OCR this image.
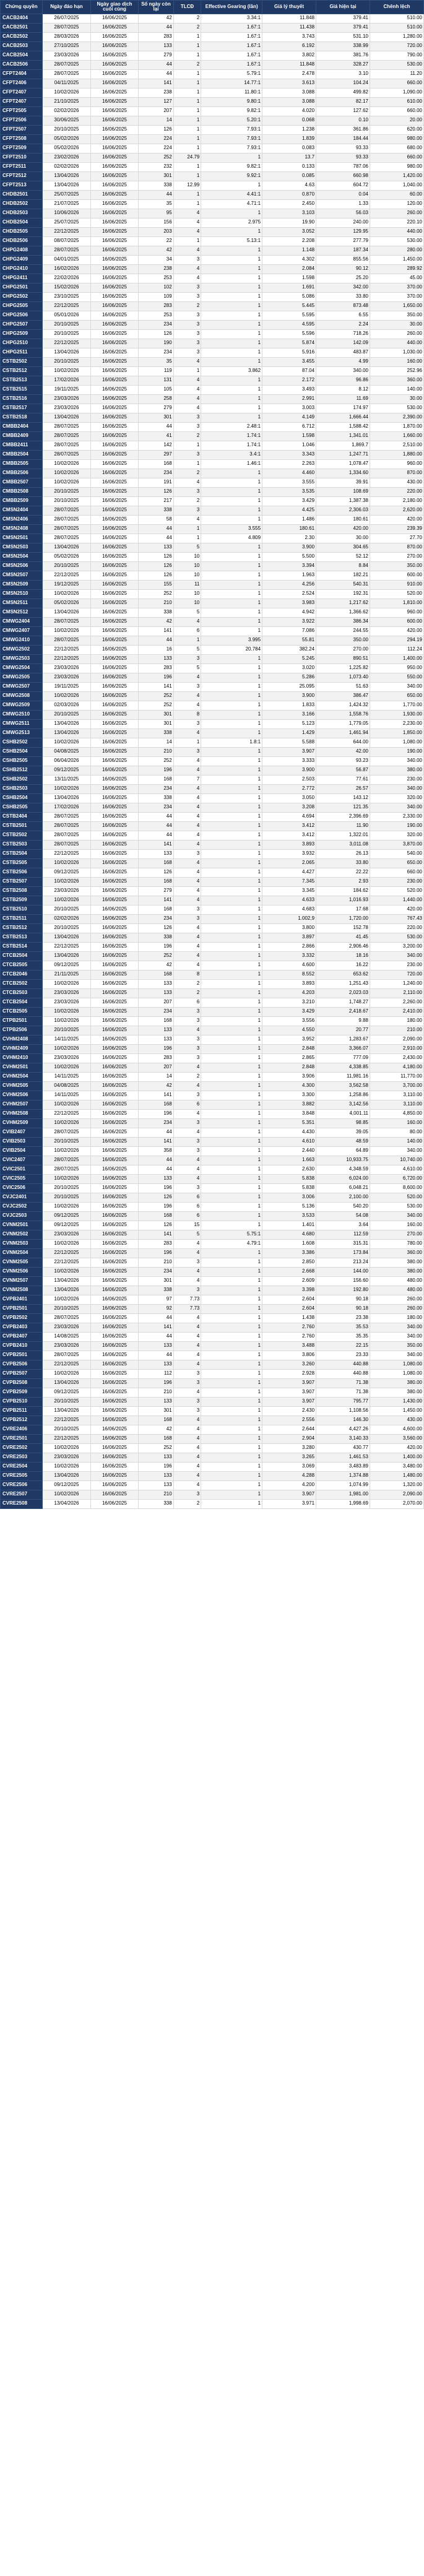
Chứng quyền	Ngày đáo hạn	Ngày giao dịch cuối cùng	Số ngày còn lại	TLCĐ	Effective Gearing (lần)	Giá lý thuyết	Giá hiện tại	Chênh lệch
CACB2404	26/07/2025	16/06/2025	42	2	3.34:1	11.848	379.41	510.00
CACB2501	28/07/2025	16/06/2025	44	2	1.67:1	11.438	379.41	510.00
CACB2502	28/03/2026	16/06/2025	283	1	1.67:1	3.743	531.10	1,280.00
CACB2503	27/10/2025	16/06/2025	133	1	1.67:1	6.192	338.99	720.00
CACB2504	23/03/2026	16/06/2025	279	1	1.67:1	3.802	381.76	790.00
CACB2506	28/07/2025	16/06/2025	44	2	1.67:1	11.848	328.27	530.00
CFPT2404	28/07/2025	16/06/2025	44	1	5.79:1	2.478	3.10	11.20
CFPT2406	04/11/2025	16/06/2025	141	1	14.77:1	3.613	104.24	660.00
CFPT2407	10/02/2026	16/06/2025	238	1	11.80:1	3.088	499.82	1,090.00
CFPT2407	21/10/2025	16/06/2025	127	1	9.80:1	3.088	82.17	610.00
CFPT2505	02/02/2026	16/06/2025	207	1	9.82:1	4.020	127.62	660.00
CFPT2506	30/06/2025	16/06/2025	14	1	5.20:1	0.068	0.10	20.00
CFPT2507	20/10/2025	16/06/2025	126	1	7.93:1	1.238	361.86	620.00
CFPT2508	05/02/2026	16/06/2025	224	1	7.93:1	1.839	184.44	980.00
CFPT2509	05/02/2026	16/06/2025	224	1	7.93:1	0.083	93.33	680.00
CFPT2510	23/02/2026	16/06/2025	252	24.79	1	13.7	93.33	660.00
CFPT2511	02/02/2026	16/06/2025	232	1	9.82:1	0.133	787.06	980.00
CFPT2512	13/04/2026	16/06/2025	301	1	9.92:1	0.085	660.98	1,420.00
CFPT2513	13/04/2026	16/06/2025	338	12.99	1	4.63	604.72	1,040.00
CHDB2501	25/07/2025	16/06/2025	44	1	4.41:1	0.870	0.04	60.00
CHDB2502	21/07/2025	16/06/2025	35	1	4.71:1	2.450	1.33	120.00
CHDB2503	10/06/2026	16/06/2025	95	4	1	3.103	56.03	260.00
CHDB2504	25/07/2025	16/06/2025	156	4	2.975	19.90	240.00	220.10
CHDB2505	22/12/2025	16/06/2025	203	4	1	3.052	129.95	440.00
CHDB2506	08/07/2025	16/06/2025	22	1	5.13:1	2.208	277.79	530.00
CHPG2408	28/07/2025	16/06/2025	42	4	1	1.148	187.34	280.00
CHPG2409	04/01/2025	16/06/2025	34	3	1	4.302	855.56	1,450.00
CHPG2410	16/02/2026	16/06/2025	238	4	1	2.084	90.12	289.92
CHPG2411	22/02/2026	16/06/2025	253	4	1	1.598	25.20	45.00
CHPG2501	15/02/2026	16/06/2025	102	3	1	1.691	342.00	370.00
CHPG2502	23/10/2025	16/06/2025	109	3	1	5.086	33.80	370.00
CHPG2505	22/12/2025	16/06/2025	283	2	1	5.445	873.48	1,650.00
CHPG2506	05/01/2026	16/06/2025	253	3	1	5.595	6.55	350.00
CHPG2507	20/10/2025	16/06/2025	234	3	1	4.595	2.24	30.00
CHPG2509	20/10/2025	16/06/2025	126	3	1	5.596	718.26	260.00
CHPG2510	22/12/2025	16/06/2025	190	3	1	5.874	142.09	440.00
CHPG2511	13/04/2026	16/06/2025	234	3	1	5.916	483.87	1,030.00
CSTB2502	20/10/2025	16/06/2025	35	4	1	3.455	4.99	160.00
CSTB2512	10/02/2026	16/06/2025	119	1	3.862	87.04	340.00	252.96
CSTB2513	17/02/2026	16/06/2025	131	4	1	2.172	96.86	360.00
CSTB2515	19/11/2025	16/06/2025	105	4	1	3.493	8.12	140.00
CSTB2516	23/03/2026	16/06/2025	258	4	1	2.991	11.69	30.00
CSTB2517	23/03/2026	16/06/2025	279	4	1	3.003	174.97	530.00
CSTB2518	13/04/2026	16/06/2025	301	3	1	4.149	1,666.44	2,390.00
CMBB2404	28/07/2025	16/06/2025	44	3	2.48:1	6.712	1,588.42	1,870.00
CMBB2409	28/07/2025	16/06/2025	41	2	1.74:1	1.598	1,341.01	1,660.00
CMBB2411	28/07/2025	16/06/2025	142	1	1.74:1	1.046	1,869.7	2,510.00
CMBB2504	28/07/2025	16/06/2025	297	3	3.4:1	3.343	1,247.71	1,880.00
CMBB2505	10/02/2026	16/06/2025	168	1	1.46:1	2.263	1,078.47	960.00
CMBB2506	10/02/2026	16/06/2025	234	2	1	4.460	1,334.60	870.00
CMBB2507	10/02/2026	16/06/2025	191	4	1	3.555	39.91	430.00
CMBB2508	20/10/2025	16/06/2025	126	3	1	3.535	108.69	220.00
CMBB2509	20/10/2025	16/06/2025	217	2	1	3.429	1,387.38	2,180.00
CMSN2404	28/07/2025	16/06/2025	338	3	1	4.425	2,306.03	2,620.00
CMSN2406	28/07/2025	16/06/2025	58	4	1	1.486	180.61	420.00
CMSN2408	28/07/2025	16/06/2025	44	1	3.555	180.61	420.00	239.39
CMSN2501	28/07/2025	16/06/2025	44	1	4.809	2.30	30.00	27.70
CMSN2503	13/04/2026	16/06/2025	133	5	1	3.900	304.65	870.00
CMSN2504	05/02/2026	16/06/2025	126	10	1	5.500	52.12	270.00
CMSN2506	20/10/2025	16/06/2025	126	10	1	3.394	8.84	350.00
CMSN2507	22/12/2025	16/06/2025	126	10	1	1.963	182.21	600.00
CMSN2509	19/12/2025	16/06/2025	155	11	1	4.256	540.31	910.00
CMSN2510	10/02/2026	16/06/2025	252	10	1	2.524	192.31	520.00
CMSN2511	05/02/2026	16/06/2025	210	10	1	3.983	1,217.62	1,810.00
CMSN2512	13/04/2026	16/06/2025	338	5	1	4.942	1,366.62	960.00
CMWG2404	28/07/2025	16/06/2025	42	4	1	3.922	386.34	600.00
CMWG2407	10/02/2026	16/06/2025	141	6	1	7.086	244.55	420.00
CMWG2410	28/07/2025	16/06/2025	44	1	3.995	55.81	350.00	294.19
CMWG2502	22/12/2025	16/06/2025	16	5	20.784	382.24	270.00	112.24
CMWG2503	22/12/2025	16/06/2025	133	3	1	5.245	890.51	1,400.00
CMWG2504	23/03/2026	16/06/2025	283	5	1	3.020	1,225.82	950.00
CMWG2505	23/03/2026	16/06/2025	196	4	1	5.286	1,073.40	550.00
CMWG2507	19/11/2025	16/06/2025	141	3	1	25.095	51.63	340.00
CMWG2508	10/02/2026	16/06/2025	252	4	1	3.900	386.47	650.00
CMWG2509	02/03/2026	16/06/2025	252	4	1	1.833	1,424.32	1,770.00
CMWG2510	20/10/2025	16/06/2025	301	8	1	3.166	1,558.76	1,930.00
CMWG2511	13/04/2026	16/06/2025	301	3	1	5.123	1,779.05	2,230.00
CMWG2513	13/04/2026	16/06/2025	338	4	1	1.429	1,461.94	1,850.00
CSHB2502	10/02/2026	16/06/2025	14	1	1.8:1	5.588	644.00	1,080.00
CSHB2504	04/08/2025	16/06/2025	210	3	1	3.907	42.00	190.00
CSHB2505	06/04/2026	16/06/2025	252	4	1	3.333	93.23	340.00
CSHB2512	09/12/2025	16/06/2025	196	4	1	3.900	56.87	380.00
CSHB2502	13/11/2025	16/06/2025	168	7	1	2.503	77.61	230.00
CSHB2503	10/02/2026	16/06/2025	234	4	1	2.772	26.57	340.00
CSHB2504	13/04/2026	16/06/2025	338	4	1	3.050	143.12	320.00
CSHB2505	17/02/2026	16/06/2025	234	4	1	3.208	121.35	340.00
CSTB2404	28/07/2025	16/06/2025	44	4	1	4.694	2,396.69	2,330.00
CSTB2501	28/07/2025	16/06/2025	44	4	1	3.412	11.90	190.00
CSTB2502	28/07/2025	16/06/2025	44	4	1	3.412	1,322.01	320.00
CSTB2503	28/07/2025	16/06/2025	141	4	1	3.893	3,011.08	3,870.00
CSTB2504	22/12/2025	16/06/2025	133	3	1	3.932	26.13	540.00
CSTB2505	10/02/2026	16/06/2025	168	4	1	2.065	33.80	650.00
CSTB2506	09/12/2025	16/06/2025	126	4	1	4.427	22.22	660.00
CSTB2507	10/02/2026	16/06/2025	168	4	1	7.345	2.93	230.00
CSTB2508	23/03/2026	16/06/2025	279	4	1	3.345	184.62	520.00
CSTB2509	10/02/2026	16/06/2025	141	4	1	4.633	1,016.93	1,440.00
CSTB2510	20/10/2025	16/06/2025	168	3	1	4.683	17.68	420.00
CSTB2511	02/02/2026	16/06/2025	234	3	1	1.002,9	1,720.00	767.43
CSTB2512	20/10/2025	16/06/2025	126	4	1	3.800	152.78	220.00
CSTB2513	13/04/2026	16/06/2025	338	4	1	3.897	41.45	530.00
CSTB2514	22/12/2025	16/06/2025	196	4	1	2.866	2,906.46	3,200.00
CTCB2504	13/04/2026	16/06/2025	252	4	1	3.332	18.16	340.00
CTCB2505	09/12/2025	16/06/2025	42	4	1	4.600	16.22	230.00
CTCB2046	21/11/2025	16/06/2025	168	8	1	8.552	653.62	720.00
CTCB2502	10/02/2026	16/06/2025	133	2	1	3.893	1,251.43	1,240.00
CTCB2503	23/03/2026	16/06/2025	133	2	1	4.203	2,023.03	2,110.00
CTCB2504	23/03/2026	16/06/2025	207	6	1	3.210	1,748.27	2,260.00
CTCB2505	10/02/2026	16/06/2025	234	3	1	3.429	2,418.67	2,410.00
CTPB2501	10/02/2026	16/06/2025	168	3	1	3.556	9.88	180.00
CTPB2506	20/10/2025	16/06/2025	133	4	1	4.550	20.77	210.00
CVHM2408	14/11/2025	16/06/2025	133	3	1	3.952	1,283.67	2,090.00
CVHM2409	10/02/2026	16/06/2025	196	3	1	2.848	3,366.07	2,910.00
CVHM2410	23/03/2026	16/06/2025	283	3	1	2.865	777.09	2,430.00
CVHM2501	10/02/2026	16/06/2025	207	4	1	2.848	4,338.85	4,180.00
CVHM2504	14/11/2025	16/06/2025	14	2	1	3.906	11,981.16	11,770.00
CVHM2505	04/08/2025	16/06/2025	42	4	1	4.300	3,562.58	3,700.00
CVHM2506	14/11/2025	16/06/2025	141	3	1	3.300	1,258.86	3,110.00
CVHM2507	10/02/2026	16/06/2025	168	6	1	3.882	3,142.56	3,110.00
CVHM2508	22/12/2025	16/06/2025	196	4	1	3.848	4,001.11	4,850.00
CVHM2509	10/02/2026	16/06/2025	234	3	1	5.351	98.85	160.00
CVIB2407	28/07/2025	16/06/2025	44	4	1	4.430	39.05	80.00
CVIB2503	20/10/2025	16/06/2025	141	3	1	4.610	48.59	140.00
CVIB2504	10/02/2026	16/06/2025	358	3	1	2.440	64.89	340.00
CVIC2407	28/07/2025	16/06/2025	44	4	1	1.663	10,933.75	10,740.00
CVIC2501	28/07/2025	16/06/2025	44	4	1	2.630	4,348.59	4,610.00
CVIC2505	10/02/2026	16/06/2025	133	4	1	5.838	6,024.00	6,720.00
CVIC2506	20/10/2025	16/06/2025	196	3	1	5.838	6,048.21	8,600.00
CVJC2401	20/10/2025	16/06/2025	126	6	1	3.006	2,100.00	520.00
CVJC2502	10/02/2026	16/06/2025	196	6	1	5.136	540.20	530.00
CVJC2503	09/12/2025	16/06/2025	168	6	1	3.533	54.08	340.00
CVNM2501	09/12/2025	16/06/2025	126	15	1	1.401	3.64	160.00
CVNM2502	23/03/2026	16/06/2025	141	5	5.75:1	4.680	112.59	270.00
CVNM2503	10/02/2026	16/06/2025	283	4	4.79:1	1.608	315.31	780.00
CVNM2504	22/12/2025	16/06/2025	196	4	1	3.386	173.84	360.00
CVNM2505	22/12/2025	16/06/2025	210	3	1	2.850	213.24	380.00
CVNM2506	10/02/2026	16/06/2025	234	4	1	2.668	144.00	380.00
CVNM2507	13/04/2026	16/06/2025	301	4	1	2.609	156.60	480.00
CVNM2508	13/04/2026	16/06/2025	338	3	1	3.398	192.80	480.00
CVPB2401	10/02/2026	16/06/2025	97	7.73	1	2.604	90.18	260.00
CVPB2501	20/10/2025	16/06/2025	92	7.73	1	2.604	90.18	260.00
CVPB2502	28/07/2025	16/06/2025	44	4	1	1.438	23.38	180.00
CVPB2403	23/03/2026	16/06/2025	141	4	1	2.760	35.53	340.00
CVPB2407	14/08/2025	16/06/2025	44	4	1	2.760	35.35	340.00
CVPB2410	23/03/2026	16/06/2025	133	4	1	3.488	22.15	350.00
CVPB2501	28/07/2025	16/06/2025	44	4	1	3.806	23.33	340.00
CVPB2506	22/12/2025	16/06/2025	133	4	1	3.260	440.88	1,080.00
CVPB2507	10/02/2026	16/06/2025	112	3	1	2.928	440.88	1,080.00
CVPB2508	13/04/2026	16/06/2025	196	3	1	3.907	71.38	380.00
CVPB2509	09/12/2025	16/06/2025	210	4	1	3.907	71.38	380.00
CVPB2510	20/10/2025	16/06/2025	133	3	1	3.907	795.77	1,430.00
CVPB2511	13/04/2026	16/06/2025	301	3	1	2.430	1,108.56	1,450.00
CVPB2512	22/12/2025	16/06/2025	168	4	1	2.556	146.30	430.00
CVRE2406	20/10/2025	16/06/2025	42	4	1	2.644	4,427.26	4,600.00
CVRE2501	22/12/2025	16/06/2025	168	4	1	2.904	3,140.33	3,560.00
CVRE2502	10/02/2026	16/06/2025	252	4	1	3.280	430.77	420.00
CVRE2503	23/03/2026	16/06/2025	133	4	1	3.265	1,461.53	1,400.00
CVRE2504	10/02/2026	16/06/2025	196	4	1	3.069	3,483.89	3,480.00
CVRE2505	13/04/2026	16/06/2025	133	4	1	4.288	1,374.88	1,480.00
CVRE2506	09/12/2025	16/06/2025	133	4	1	4.200	1,074.99	1,320.00
CVRE2507	10/02/2026	16/06/2025	210	3	1	3.907	1,981.00	2,090.00
CVRE2508	13/04/2026	16/06/2025	338	2	1	3.971	1,998.69	2,070.00
